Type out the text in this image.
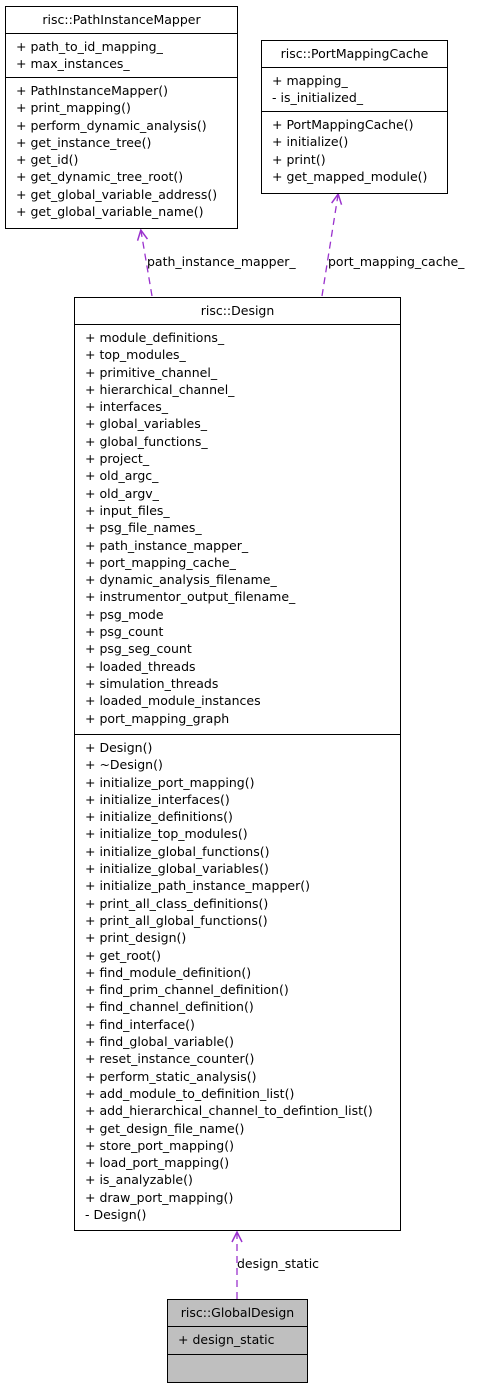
path_instance_mapper_	port_mapping_cache_
design_static
risc::PathInstanceMapper
+ path_to_id_mapping_
+ max_instances_
+ PathInstanceMapper()
+ print_mapping()
+ perform_dynamic_analysis()
+ get_instance_tree()
+ get_id()
+ get_dynamic_tree_root()
+ get_global_variable_address()
+ get_global_variable_name()
risc::PortMappingCache
+ mapping_
- is_initialized_
+ PortMappingCache()
+ initialize()
+ print()
+ get_mapped_module()
risc::Design
+ module_definitions_
+ top_modules_
+ primitive_channel_
+ hierarchical_channel_
+ interfaces_
+ global_variables_
+ global_functions_
+ project_
+ old_argc_
+ old_argv_
+ input_files_
+ psg_file_names_
+ path_instance_mapper_
+ port_mapping_cache_
+ dynamic_analysis_filename_
+ instrumentor_output_filename_
+ psg_mode
+ psg_count
+ psg_seg_count
+ loaded_threads
+ simulation_threads
+ loaded_module_instances
+ port_mapping_graph
+ Design()
+ ~Design()
+ initialize_port_mapping()
+ initialize_interfaces()
+ initialize_definitions()
+ initialize_top_modules()
+ initialize_global_functions()
+ initialize_global_variables()
+ initialize_path_instance_mapper()
+ print_all_class_definitions()
+ print_all_global_functions()
+ print_design()
+ get_root()
+ find_module_definition()
+ find_prim_channel_definition()
+ find_channel_definition()
+ find_interface()
+ find_global_variable()
+ reset_instance_counter()
+ perform_static_analysis()
+ add_module_to_definition_list()
+ add_hierarchical_channel_to_defintion_list()
+ get_design_file_name()
+ store_port_mapping()
+ load_port_mapping()
+ is_analyzable()
+ draw_port_mapping()
- Design()
risc::GlobalDesign
+ design_static
